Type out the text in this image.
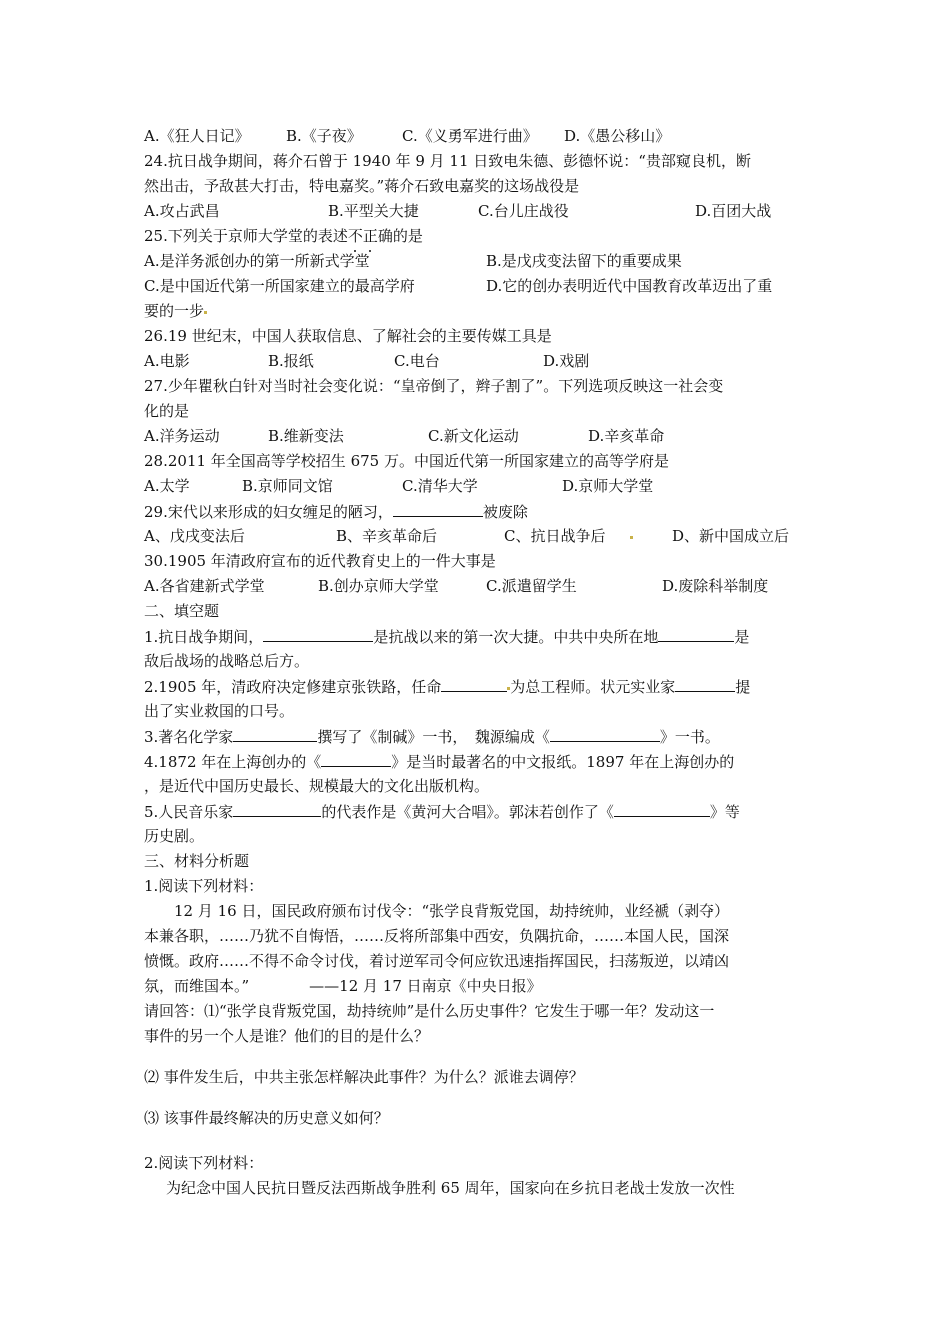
A.《狂人日记》 B.《子夜》	C.《义勇军进行曲》 D.《愚公移山》
24.抗日战争期间，蒋介石曾于 1940 年 9 月 11 日致电朱德、彭德怀说：“贵部窥良机，断
然出击，予敌甚大打击，特电嘉奖。”蒋介石致电嘉奖的这场战役是
A.攻占武昌	B.平型关大捷	C.台儿庄战役	D.百团大战
25.下列关于京师大学堂的表述不正确的是
A.是洋务派创办的第一所新式学堂	B.是戊戌变法留下的重要成果
C.是中国近代第一所国家建立的最高学府	D.它的创办表明近代中国教育改革迈出了重
要的一步
26.19 世纪末，中国人获取信息、了解社会的主要传媒工具是
A.电影	B.报纸	C.电台	D.戏剧
27.少年瞿秋白针对当时社会变化说：“皇帝倒了，辫子割了”。下列选项反映这一社会变
化的是
A.洋务运动	B.维新变法	C.新文化运动	D.辛亥革命
28.2011 年全国高等学校招生 675 万。中国近代第一所国家建立的高等学府是
A.太学	B.京师同文馆	C.清华大学	D.京师大学堂
29.宋代以来形成的妇女缠足的陋习，	被废除
A、戊戌变法后	B、辛亥革命后	C、抗日战争后	D、新中国成立后
30.1905 年清政府宣布的近代教育史上的一件大事是
A.各省建新式学堂	B.创办京师大学堂	C.派遣留学生	D.废除科举制度
二、填空题
1.抗日战争期间，	是抗战以来的第一次大捷。中共中央所在地	是
敌后战场的战略总后方。
2.1905 年，清政府决定修建京张铁路，任命	为总工程师。状元实业家	提
出了实业救国的口号。
3.著名化学家	撰写了《制碱》一书，　魏源编成《	》一书。
4.1872 年在上海创办的《	》是当时最著名的中文报纸。1897 年在上海创办的
，是近代中国历史最长、规模最大的文化出版机构。
5.人民音乐家	的代表作是《黄河大合唱》。郭沫若创作了《	》等
历史剧。
三、材料分析题
1.阅读下列材料：
12 月 16 日，国民政府颁布讨伐令：“张学良背叛党国，劫持统帅，业经褫（剥夺）
本兼各职，……乃犹不自悔悟，……反将所部集中西安，负隅抗命，……本国人民，国深
愤慨。政府……不得不命令讨伐，着讨逆军司令何应钦迅速指挥国民，扫荡叛逆，以靖凶
氛，而维国本。”　　　　——12 月 17 日南京《中央日报》
请回答：⑴“张学良背叛党国，劫持统帅”是什么历史事件？它发生于哪一年？发动这一
事件的另一个人是谁？他们的目的是什么？
⑵ 事件发生后，中共主张怎样解决此事件？为什么？派谁去调停？
⑶ 该事件最终解决的历史意义如何？
2.阅读下列材料：
为纪念中国人民抗日暨反法西斯战争胜利 65 周年，国家向在乡抗日老战士发放一次性
